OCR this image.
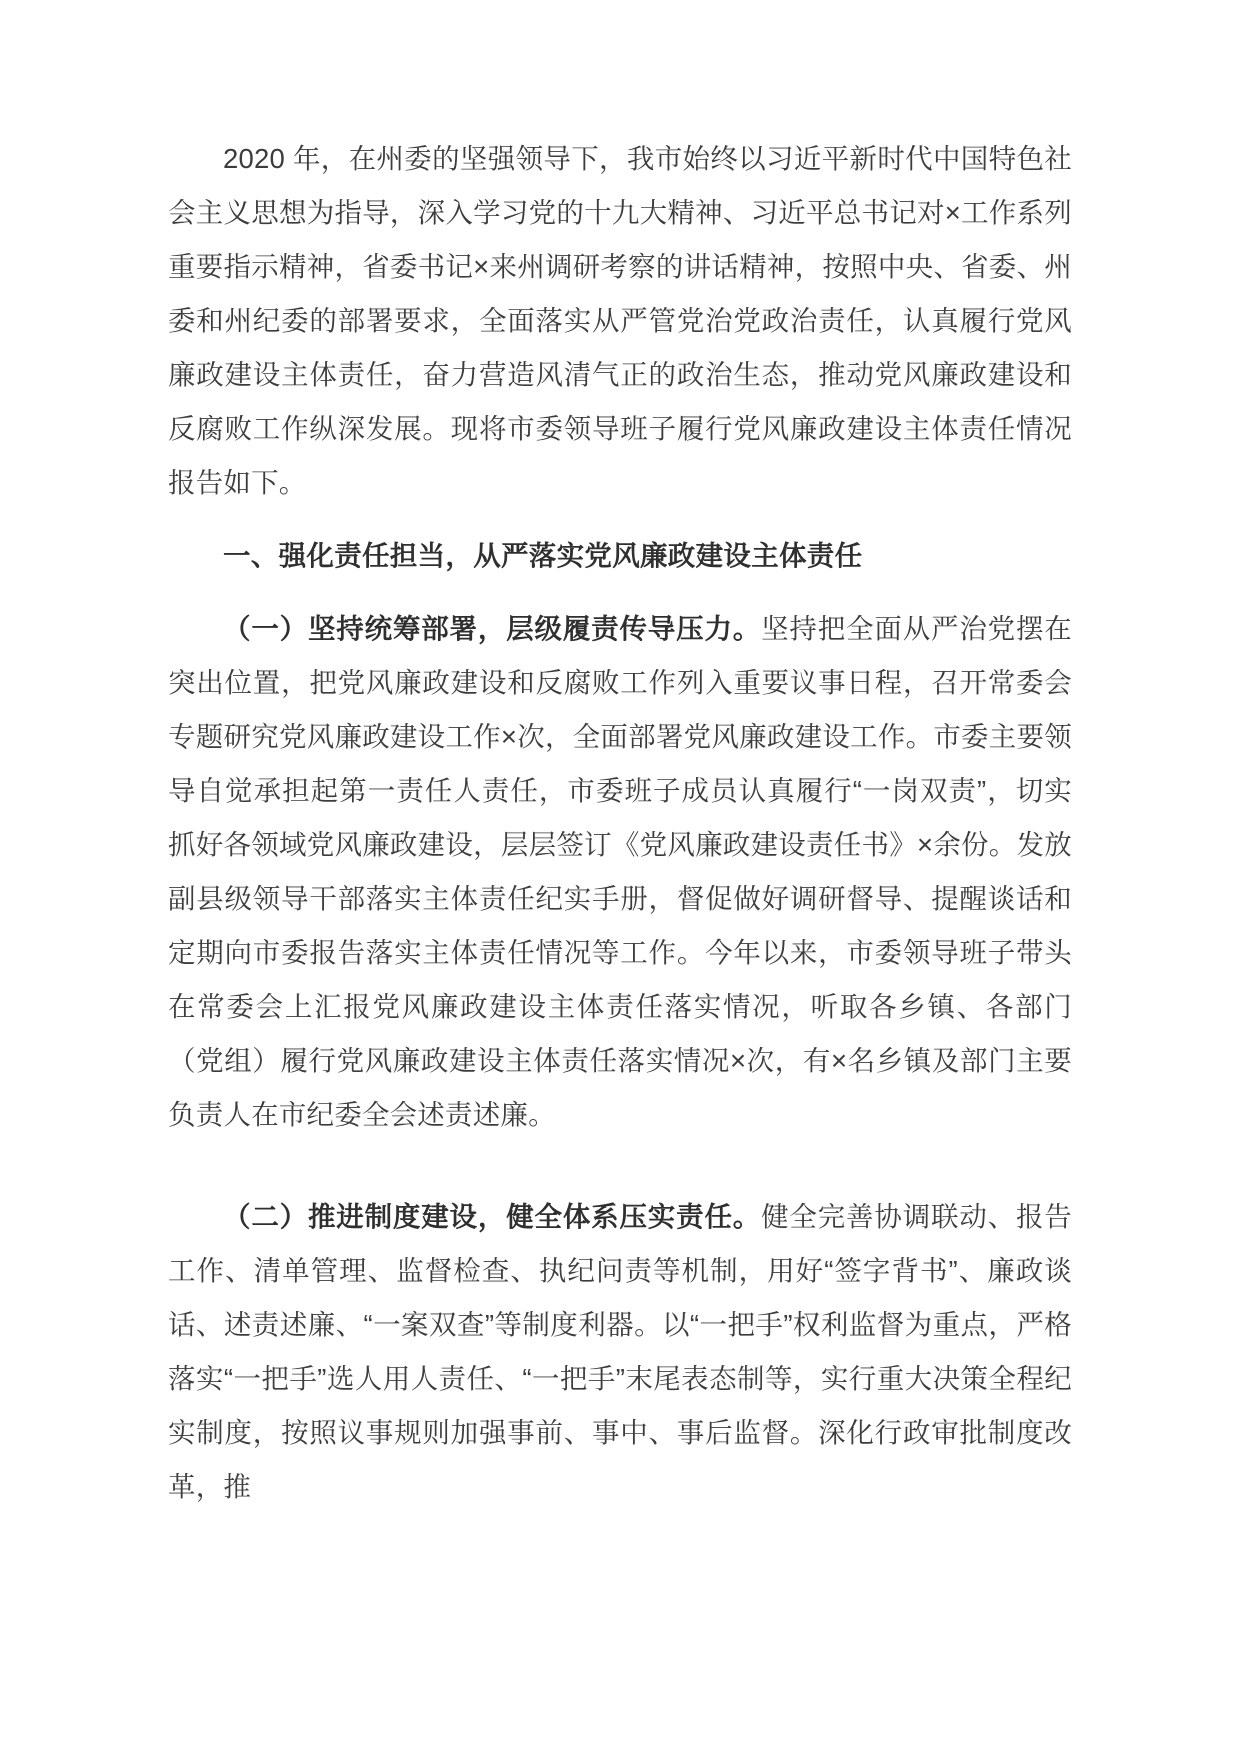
2020 年，在州委的坚强领导下，我市始终以习近平新时代中国特色社会主义思想为指导，深入学习党的十九大精神、习近平总书记对×工作系列重要指示精神，省委书记×来州调研考察的讲话精神，按照中央、省委、州委和州纪委的部署要求，全面落实从严管党治党政治责任，认真履行党风廉政建设主体责任，奋力营造风清气正的政治生态，推动党风廉政建设和反腐败工作纵深发展。现将市委领导班子履行党风廉政建设主体责任情况报告如下。

一、强化责任担当，从严落实党风廉政建设主体责任

（一）坚持统筹部署，层级履责传导压力。坚持把全面从严治党摆在突出位置，把党风廉政建设和反腐败工作列入重要议事日程，召开常委会专题研究党风廉政建设工作×次，全面部署党风廉政建设工作。市委主要领导自觉承担起第一责任人责任，市委班子成员认真履行“一岗双责”，切实抓好各领域党风廉政建设，层层签订《党风廉政建设责任书》×余份。发放副县级领导干部落实主体责任纪实手册，督促做好调研督导、提醒谈话和定期向市委报告落实主体责任情况等工作。今年以来，市委领导班子带头在常委会上汇报党风廉政建设主体责任落实情况，听取各乡镇、各部门（党组）履行党风廉政建设主体责任落实情况×次，有×名乡镇及部门主要负责人在市纪委全会述责述廉。

（二）推进制度建设，健全体系压实责任。健全完善协调联动、报告工作、清单管理、监督检查、执纪问责等机制，用好“签字背书”、廉政谈话、述责述廉、“一案双查”等制度利器。以“一把手”权利监督为重点，严格落实“一把手”选人用人责任、“一把手”末尾表态制等，实行重大决策全程纪实制度，按照议事规则加强事前、事中、事后监督。深化行政审批制度改革，推
